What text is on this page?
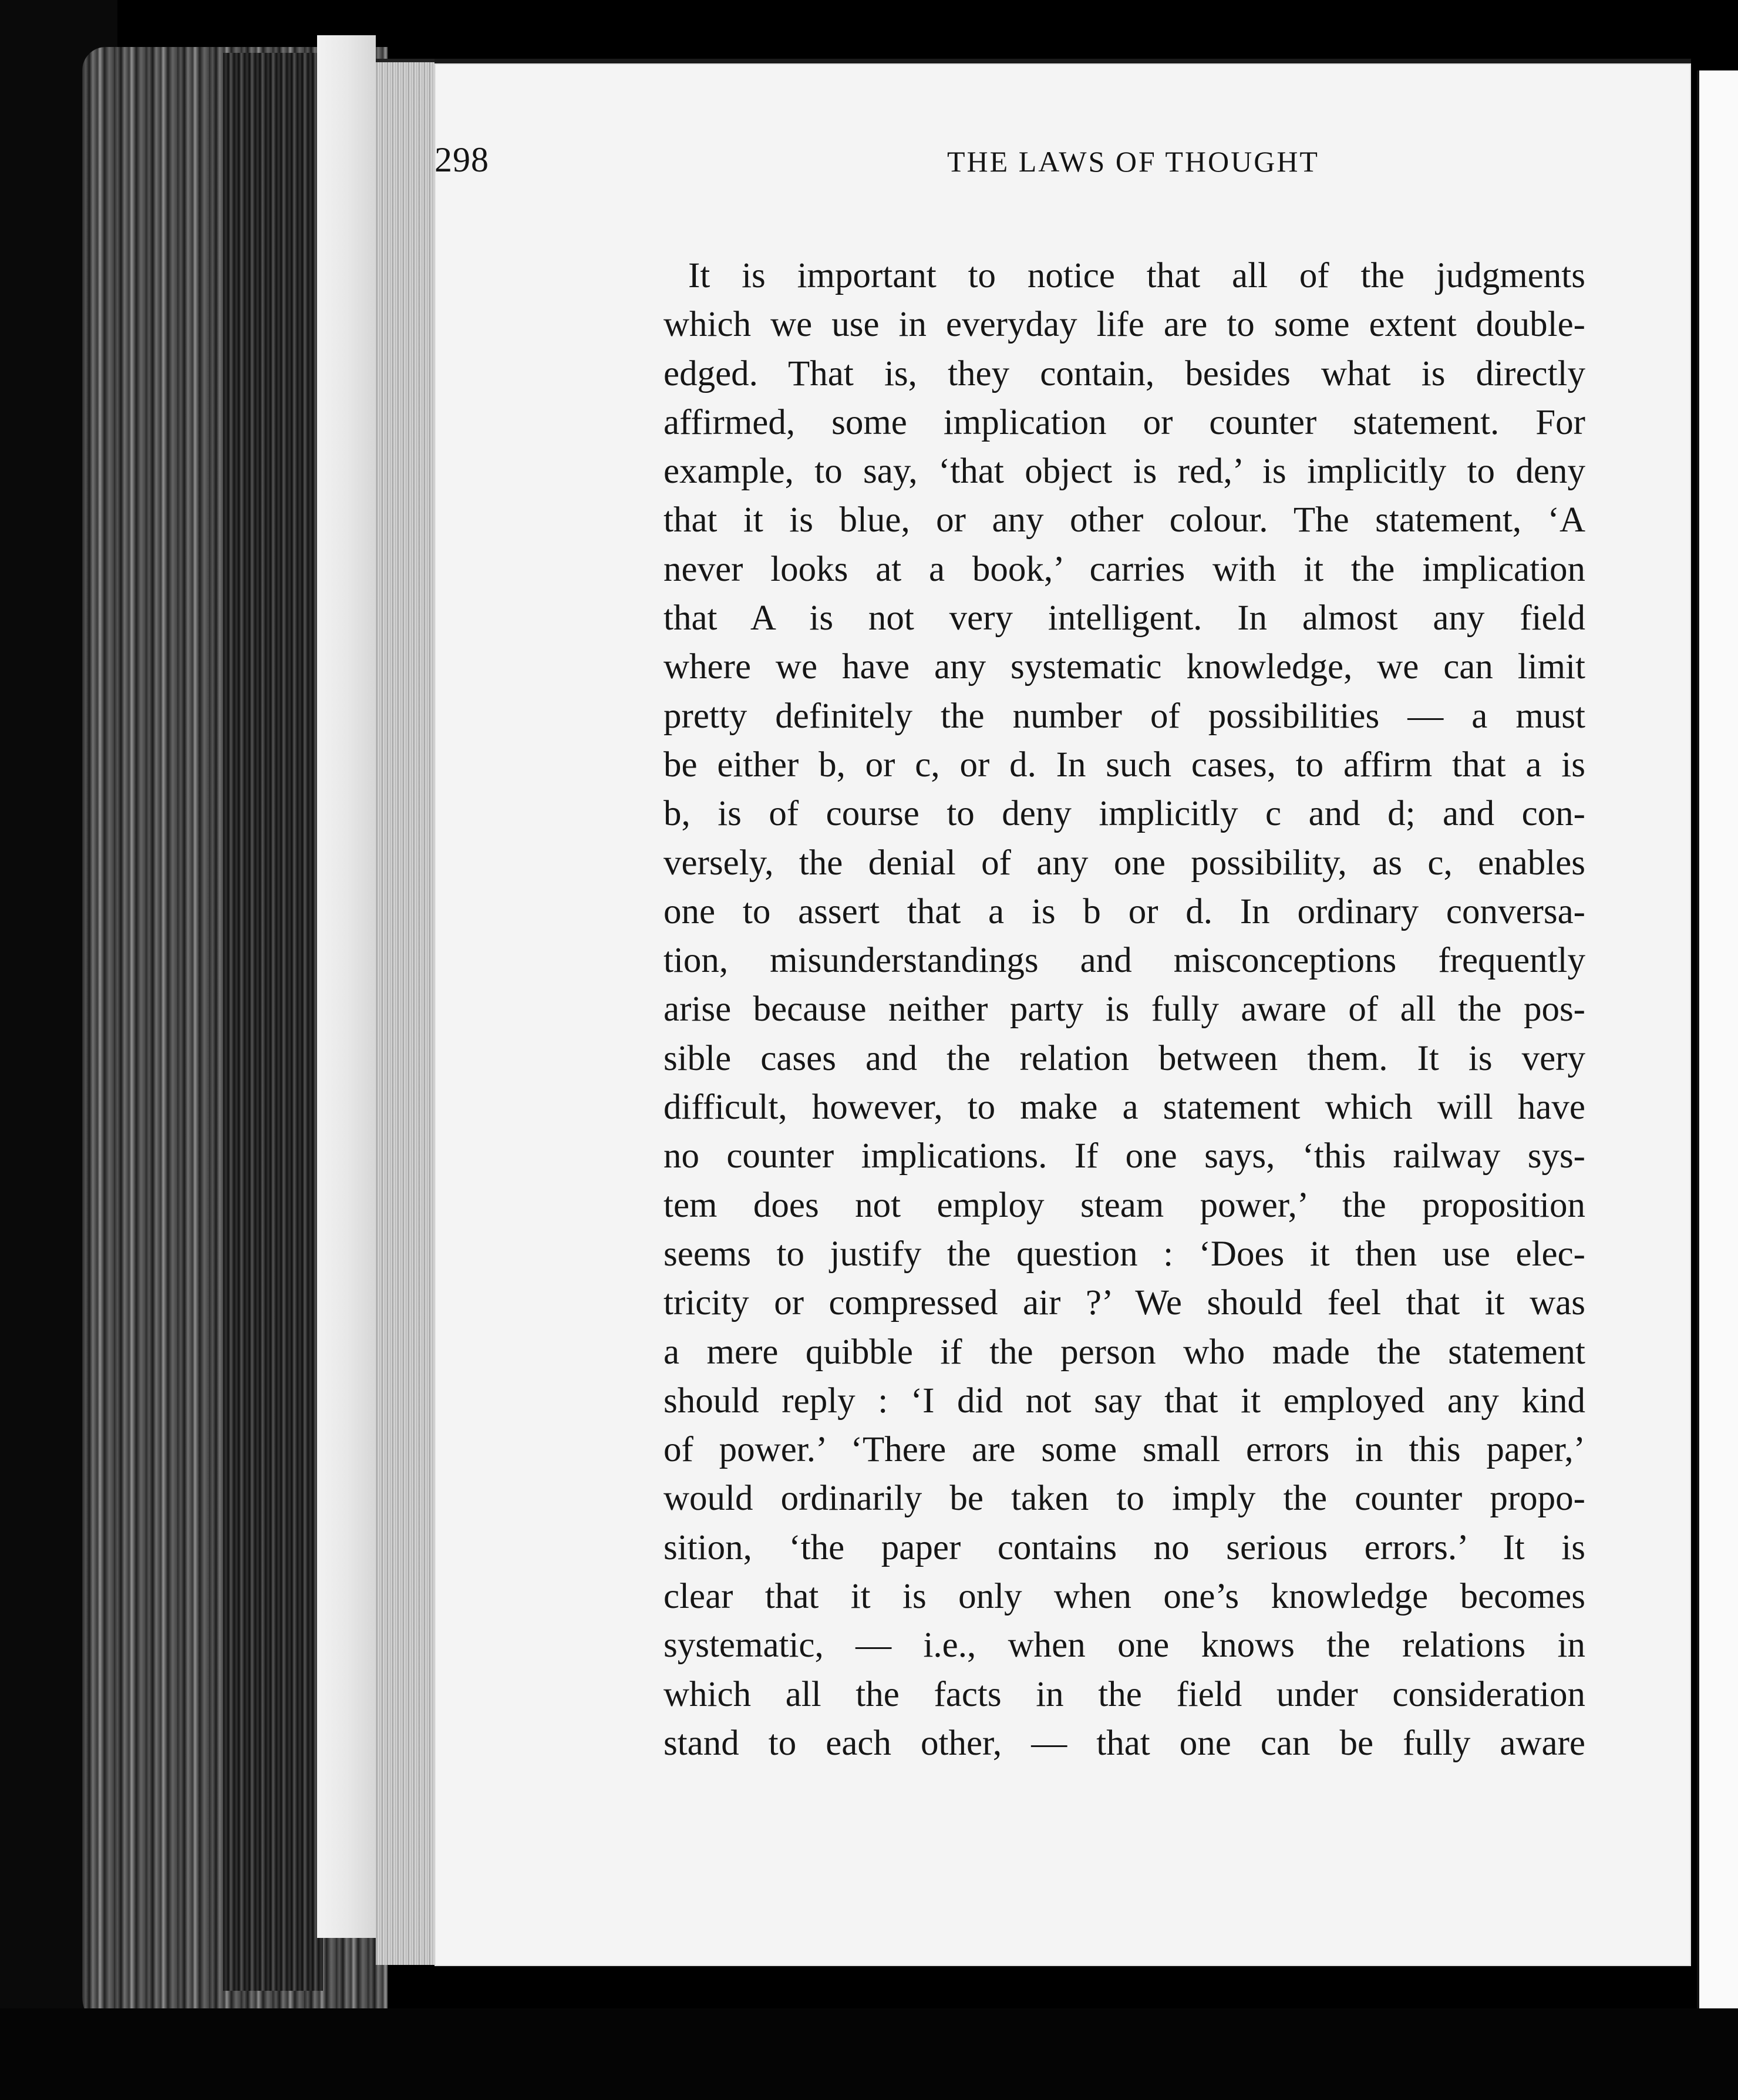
298	THE LAWS OF THOUGHT
It is important to notice that all of the judgments
which we use in everyday life are to some extent double-
edged. That is, they contain, besides what is directly
affirmed, some implication or counter statement. For
example, to say, ‘that object is red,’ is implicitly to deny
that it is blue, or any other colour. The statement, ‘A
never looks at a book,’ carries with it the implication
that A is not very intelligent. In almost any field
where we have any systematic knowledge, we can limit
pretty definitely the number of possibilities — a must
be either b, or c, or d. In such cases, to affirm that a is
b, is of course to deny implicitly c and d; and con-
versely, the denial of any one possibility, as c, enables
one to assert that a is b or d. In ordinary conversa-
tion, misunderstandings and misconceptions frequently
arise because neither party is fully aware of all the pos-
sible cases and the relation between them. It is very
difficult, however, to make a statement which will have
no counter implications. If one says, ‘this railway sys-
tem does not employ steam power,’ the proposition
seems to justify the question : ‘Does it then use elec-
tricity or compressed air ?’ We should feel that it was
a mere quibble if the person who made the statement
should reply : ‘I did not say that it employed any kind
of power.’ ‘There are some small errors in this paper,’
would ordinarily be taken to imply the counter propo-
sition, ‘the paper contains no serious errors.’ It is
clear that it is only when one’s knowledge becomes
systematic, — i.e., when one knows the relations in
which all the facts in the field under consideration
stand to each other, — that one can be fully aware
